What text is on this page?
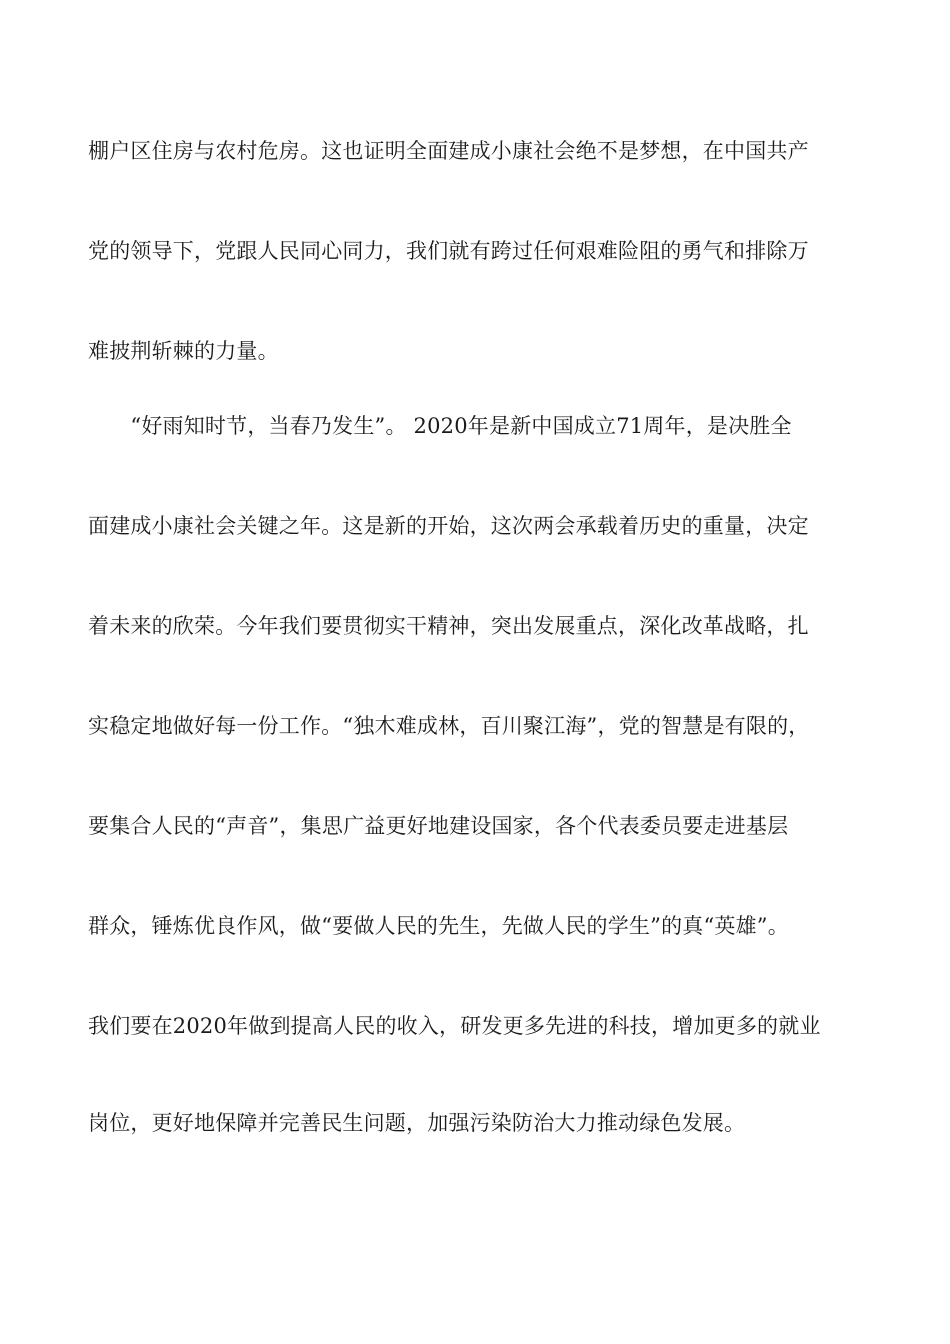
棚户区住房与农村危房。这也证明全面建成小康社会绝不是梦想，在中国共产
党的领导下，党跟人民同心同力，我们就有跨过任何艰难险阻的勇气和排除万
难披荆斩棘的力量。
　　“好雨知时节，当春乃发生”。 2020年是新中国成立71周年，是决胜全
面建成小康社会关键之年。这是新的开始，这次两会承载着历史的重量，决定
着未来的欣荣。今年我们要贯彻实干精神，突出发展重点，深化改革战略，扎
实稳定地做好每一份工作。“独木难成林，百川聚江海”，党的智慧是有限的，
要集合人民的“声音”，集思广益更好地建设国家，各个代表委员要走进基层
群众，锤炼优良作风，做“要做人民的先生，先做人民的学生”的真“英雄”。
我们要在2020年做到提高人民的收入，研发更多先进的科技，增加更多的就业
岗位，更好地保障并完善民生问题，加强污染防治大力推动绿色发展。
